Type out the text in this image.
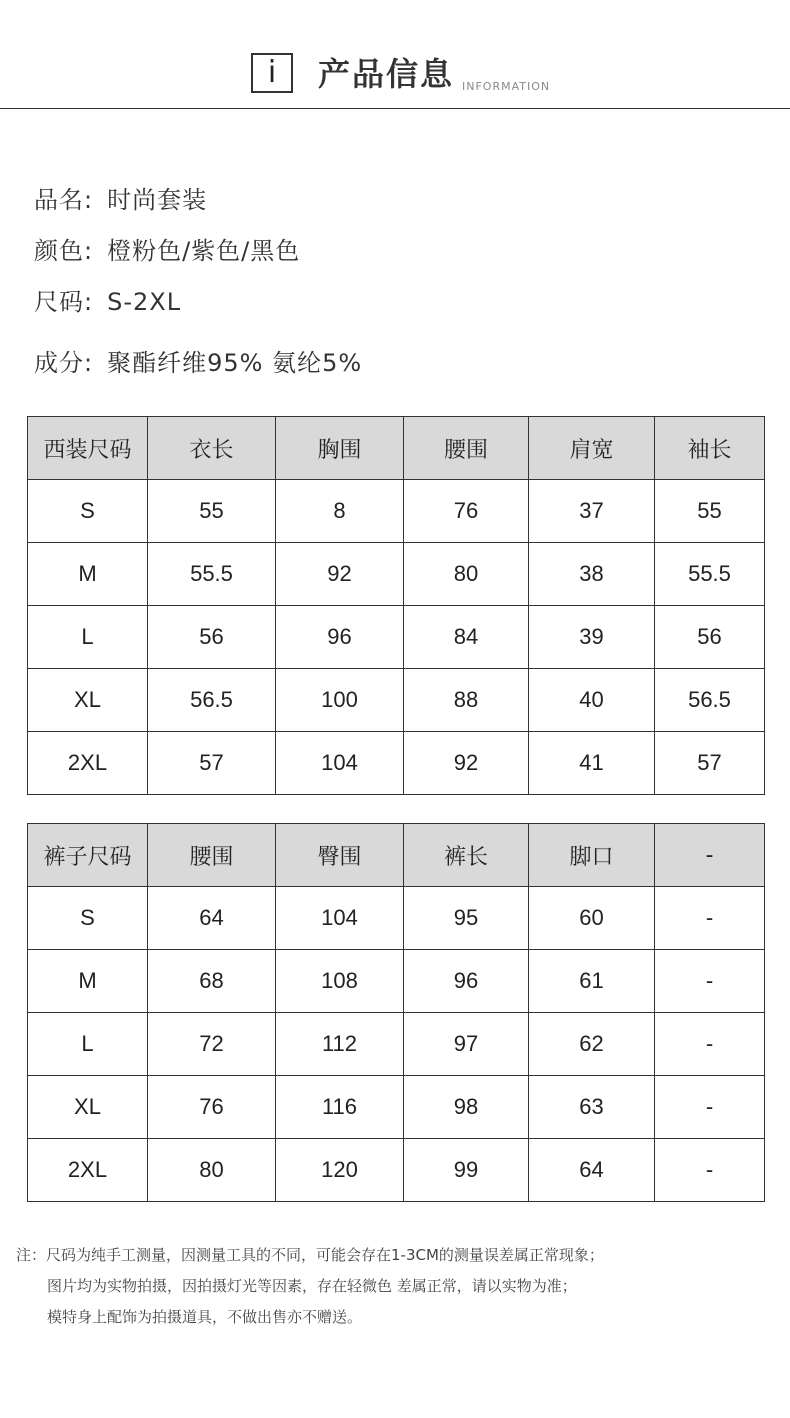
i	产品信息 INFORMATION
品名: 时尚套装
颜色: 橙粉色/紫色/黑色
尺码: S-2XL
成分: 聚酯纤维95% 氨纶5%
西装尺码	衣长	胸围	腰围	肩宽	袖长
S	55	8	76	37	55
M	55.5	92	80	38	55.5
L	56	96	84	39	56
XL	56.5	100	88	40	56.5
2XL	57	104	92	41	57
裤子尺码	腰围	臀围	裤长	脚口	-
S	64	104	95	60	-
M	68	108	96	61	-
L	72	112	97	62	-
XL	76	116	98	63	-
2XL	80	120	99	64	-
注：尺码为纯手工测量，因测量工具的不同，可能会存在1-3CM的测量误差属正常现象；
图片均为实物拍摄，因拍摄灯光等因素，存在轻微色 差属正常，请以实物为准；
模特身上配饰为拍摄道具，不做出售亦不赠送。
